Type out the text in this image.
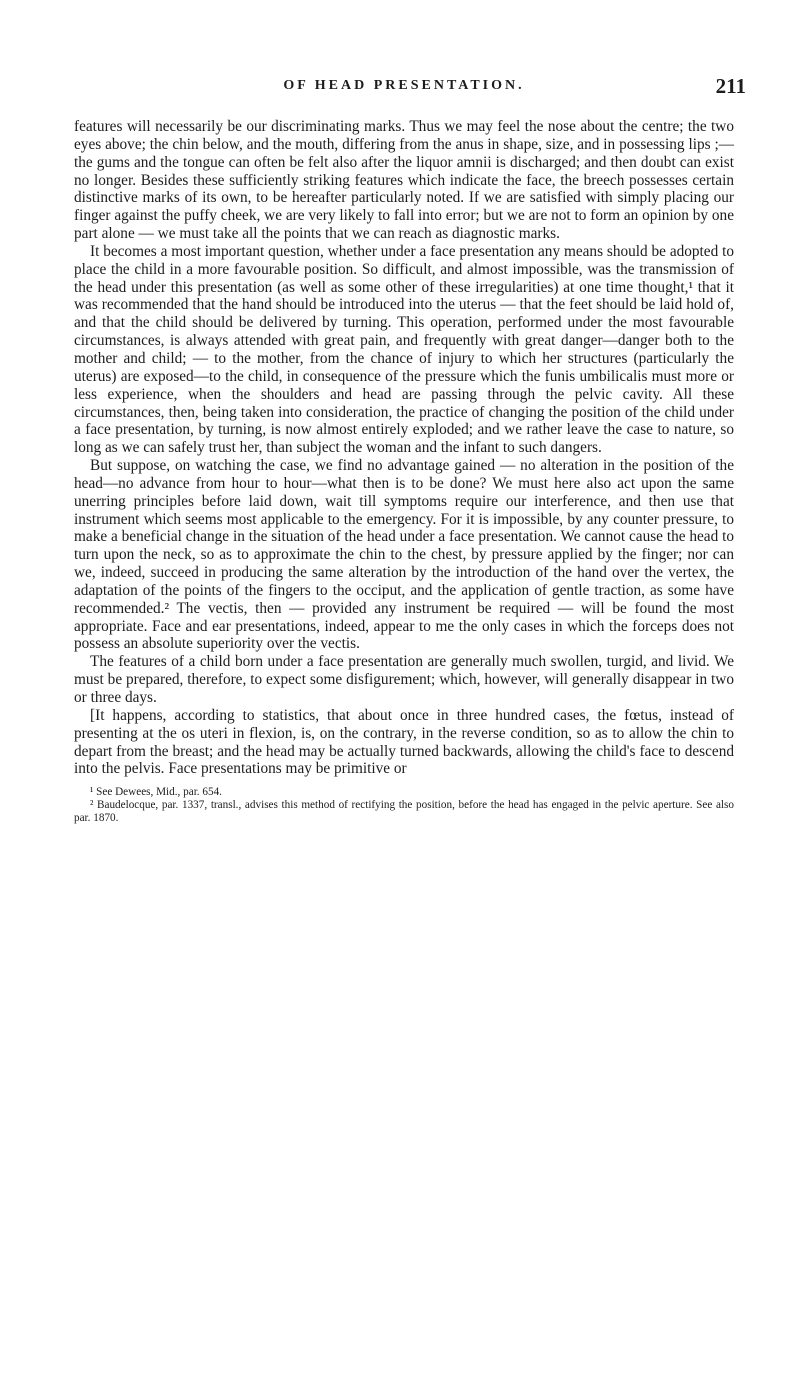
OF HEAD PRESENTATION.	211

features will necessarily be our discriminating marks. Thus we may feel the nose about the centre; the two eyes above; the chin below, and the mouth, differing from the anus in shape, size, and in possessing lips ;—the gums and the tongue can often be felt also after the liquor amnii is discharged; and then doubt can exist no longer. Besides these sufficiently striking features which indicate the face, the breech possesses certain distinctive marks of its own, to be hereafter particularly noted. If we are satisfied with simply placing our finger against the puffy cheek, we are very likely to fall into error; but we are not to form an opinion by one part alone — we must take all the points that we can reach as diagnostic marks.

It becomes a most important question, whether under a face presentation any means should be adopted to place the child in a more favourable position. So difficult, and almost impossible, was the transmission of the head under this presentation (as well as some other of these irregularities) at one time thought,¹ that it was recommended that the hand should be introduced into the uterus — that the feet should be laid hold of, and that the child should be delivered by turning. This operation, performed under the most favourable circumstances, is always attended with great pain, and frequently with great danger—danger both to the mother and child; — to the mother, from the chance of injury to which her structures (particularly the uterus) are exposed—to the child, in consequence of the pressure which the funis umbilicalis must more or less experience, when the shoulders and head are passing through the pelvic cavity. All these circumstances, then, being taken into consideration, the practice of changing the position of the child under a face presentation, by turning, is now almost entirely exploded; and we rather leave the case to nature, so long as we can safely trust her, than subject the woman and the infant to such dangers.

But suppose, on watching the case, we find no advantage gained — no alteration in the position of the head—no advance from hour to hour—what then is to be done? We must here also act upon the same unerring principles before laid down, wait till symptoms require our interference, and then use that instrument which seems most applicable to the emergency. For it is impossible, by any counter pressure, to make a beneficial change in the situation of the head under a face presentation. We cannot cause the head to turn upon the neck, so as to approximate the chin to the chest, by pressure applied by the finger; nor can we, indeed, succeed in producing the same alteration by the introduction of the hand over the vertex, the adaptation of the points of the fingers to the occiput, and the application of gentle traction, as some have recommended.² The vectis, then — provided any instrument be required — will be found the most appropriate. Face and ear presentations, indeed, appear to me the only cases in which the forceps does not possess an absolute superiority over the vectis.

The features of a child born under a face presentation are generally much swollen, turgid, and livid. We must be prepared, therefore, to expect some disfigurement; which, however, will generally disappear in two or three days.

[It happens, according to statistics, that about once in three hundred cases, the fœtus, instead of presenting at the os uteri in flexion, is, on the contrary, in the reverse condition, so as to allow the chin to depart from the breast; and the head may be actually turned backwards, allowing the child's face to descend into the pelvis. Face presentations may be primitive or

¹ See Dewees, Mid., par. 654.

² Baudelocque, par. 1337, transl., advises this method of rectifying the position, before the head has engaged in the pelvic aperture. See also par. 1870.
